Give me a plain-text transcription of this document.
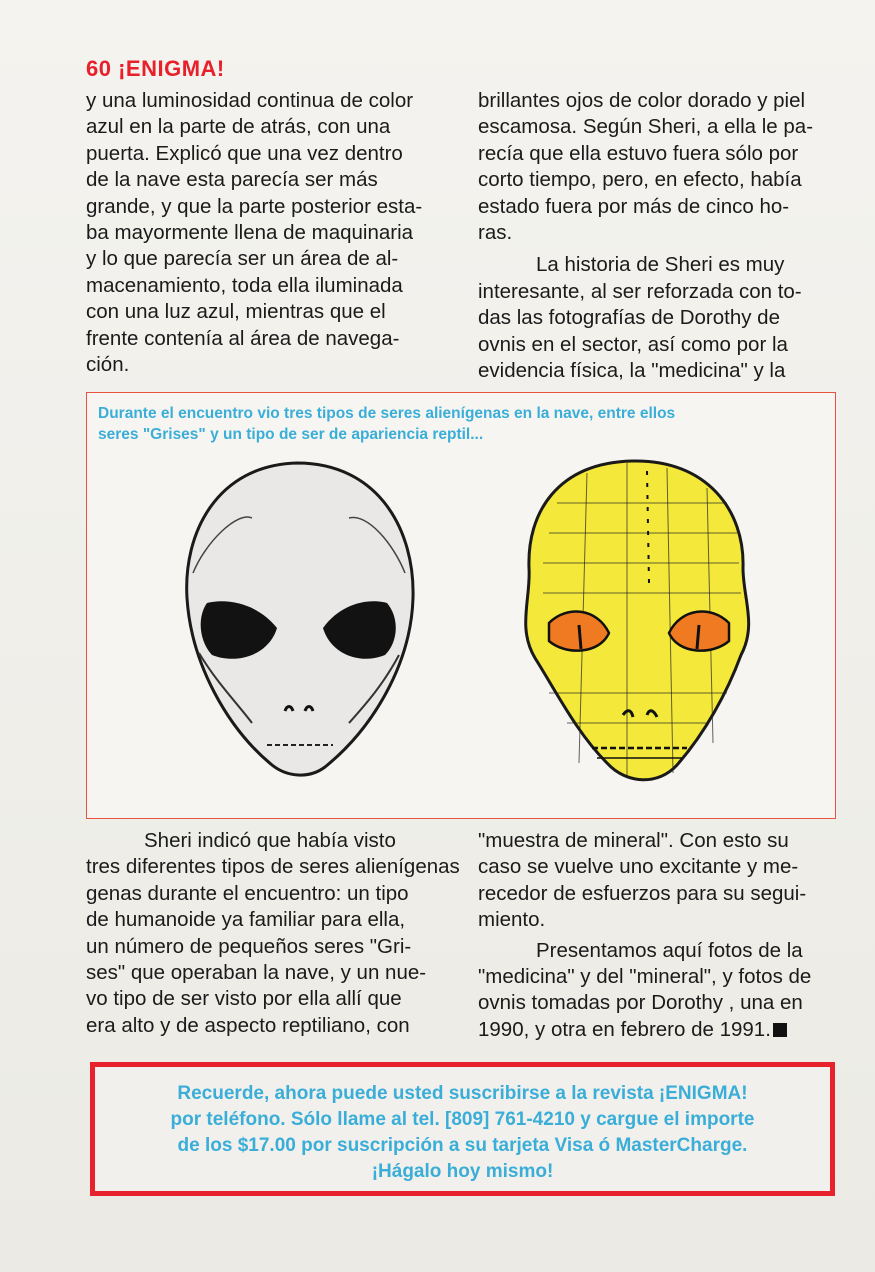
60 ¡ENIGMA!

y una luminosidad continua de color
azul en la parte de atrás, con una
puerta. Explicó que una vez dentro
de la nave esta parecía ser más
grande, y que la parte posterior esta-
ba mayormente llena de maquinaria
y lo que parecía ser un área de al-
macenamiento, toda ella iluminada
con una luz azul, mientras que el
frente contenía al área de navega-
ción.

brillantes ojos de color dorado y piel
escamosa. Según Sheri, a ella le pa-
recía que ella estuvo fuera sólo por
corto tiempo, pero, en efecto, había
estado fuera por más de cinco ho-
ras.

La historia de Sheri es muy
interesante, al ser reforzada con to-
das las fotografías de Dorothy de
ovnis en el sector, así como por la
evidencia física, la "medicina" y la

Durante el encuentro vio tres tipos de seres alienígenas en la nave, entre ellos
seres "Grises" y un tipo de ser de apariencia reptil...

Sheri indicó que había visto
tres diferentes tipos de seres alienígenas
genas durante el encuentro: un tipo
de humanoide ya familiar para ella,
un número de pequeños seres "Gri-
ses" que operaban la nave, y un nue-
vo tipo de ser visto por ella allí que
era alto y de aspecto reptiliano, con

"muestra de mineral". Con esto su
caso se vuelve uno excitante y me-
recedor de esfuerzos para su segui-
miento.

Presentamos aquí fotos de la
"medicina" y del "mineral", y fotos de
ovnis tomadas por Dorothy , una en
1990, y otra en febrero de 1991.

Recuerde, ahora puede usted suscribirse a la revista ¡ENIGMA!
por teléfono. Sólo llame al tel. [809] 761-4210 y cargue el importe
de los $17.00 por suscripción a su tarjeta Visa ó MasterCharge.
¡Hágalo hoy mismo!
